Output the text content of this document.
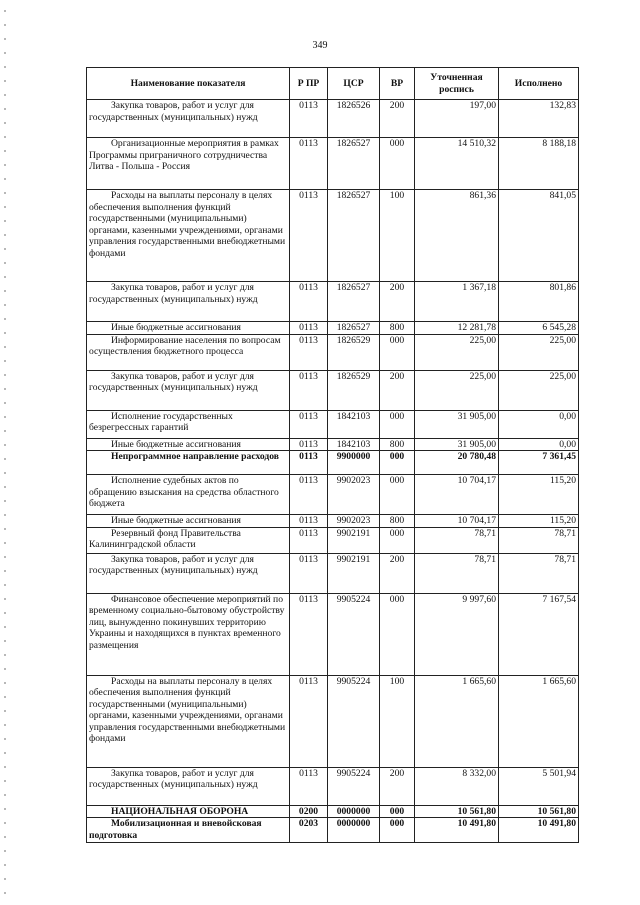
349
Наименование показателя	Р ПР	ЦСР	ВР	Уточненная роспись	Исполнено

Закупка товаров, работ и услуг для государственных (муниципальных) нужд	0113	1826526	200	197,00	132,83

Организационные мероприятия в рамках Программы приграничного сотрудничества Литва - Польша - Россия	0113	1826527	000	14 510,32	8 188,18

Расходы на выплаты персоналу в целях обеспечения выполнения функций государственными (муниципальными) органами, казенными учреждениями, органами управления государственными внебюджетными фондами	0113	1826527	100	861,36	841,05

Закупка товаров, работ и услуг для государственных (муниципальных) нужд	0113	1826527	200	1 367,18	801,86

Иные бюджетные ассигнования	0113	1826527	800	12 281,78	6 545,28

Информирование населения по вопросам осуществления бюджетного процесса	0113	1826529	000	225,00	225,00

Закупка товаров, работ и услуг для государственных (муниципальных) нужд	0113	1826529	200	225,00	225,00

Исполнение государственных безрегрессных гарантий	0113	1842103	000	31 905,00	0,00

Иные бюджетные ассигнования	0113	1842103	800	31 905,00	0,00

Непрограммное направление расходов	0113	9900000	000	20 780,48	7 361,45

Исполнение судебных актов по обращению взыскания на средства областного бюджета	0113	9902023	000	10 704,17	115,20

Иные бюджетные ассигнования	0113	9902023	800	10 704,17	115,20

Резервный фонд Правительства Калининградской области	0113	9902191	000	78,71	78,71

Закупка товаров, работ и услуг для государственных (муниципальных) нужд	0113	9902191	200	78,71	78,71

Финансовое обеспечение мероприятий по временному социально-бытовому обустройству лиц, вынужденно покинувших территорию Украины и находящихся в пунктах временного размещения	0113	9905224	000	9 997,60	7 167,54

Расходы на выплаты персоналу в целях обеспечения выполнения функций государственными (муниципальными) органами, казенными учреждениями, органами управления государственными внебюджетными фондами	0113	9905224	100	1 665,60	1 665,60

Закупка товаров, работ и услуг для государственных (муниципальных) нужд	0113	9905224	200	8 332,00	5 501,94

НАЦИОНАЛЬНАЯ ОБОРОНА	0200	0000000	000	10 561,80	10 561,80

Мобилизационная и вневойсковая подготовка	0203	0000000	000	10 491,80	10 491,80
